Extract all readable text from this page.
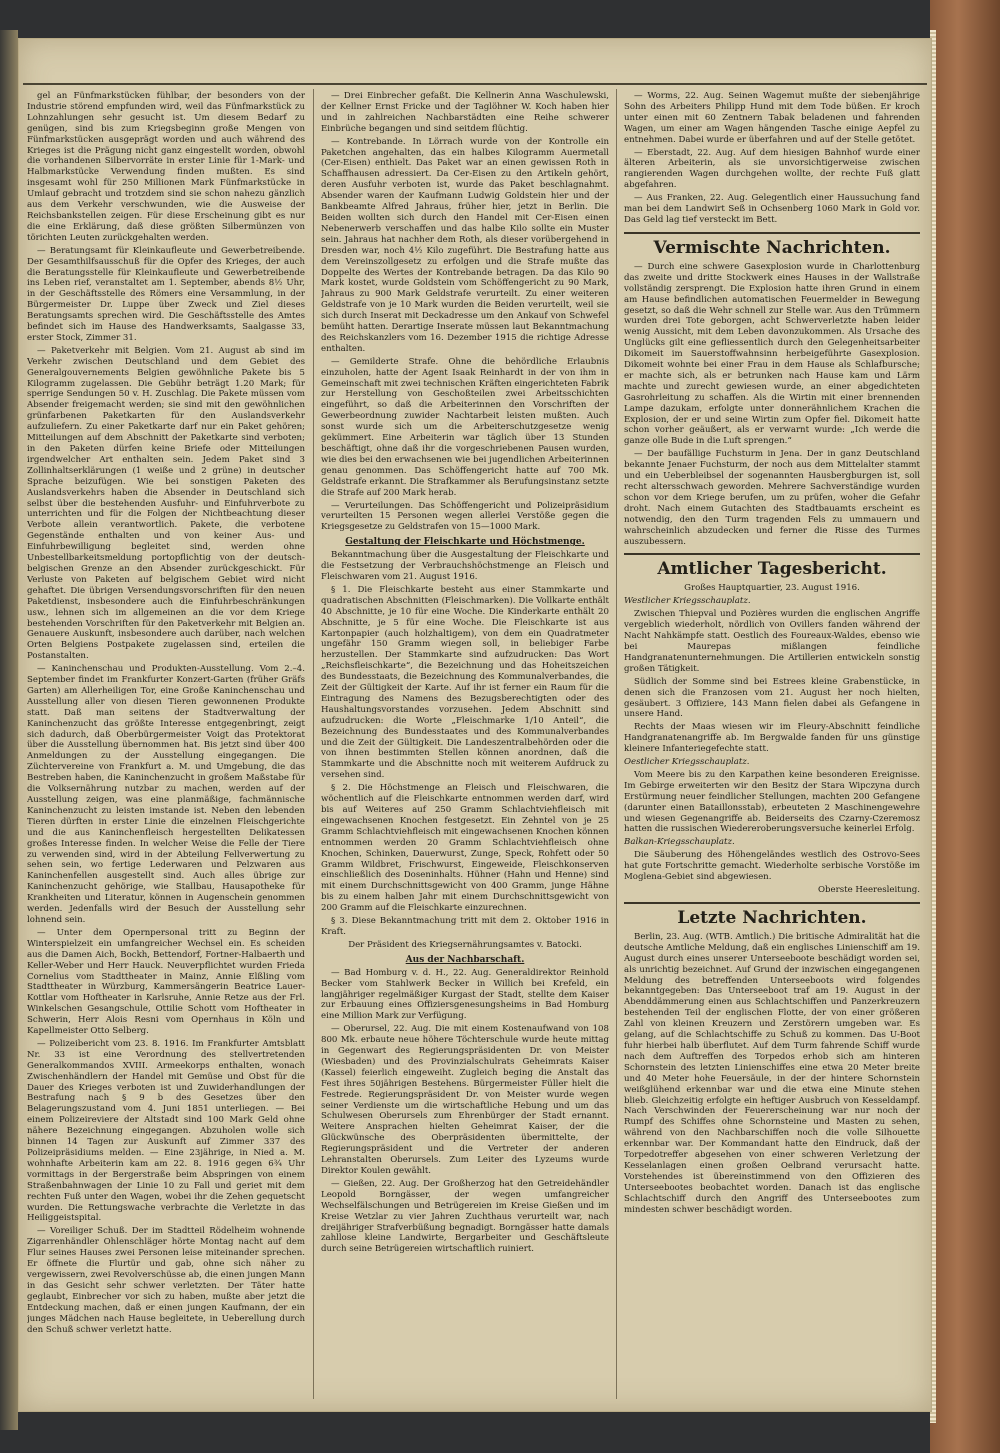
gel an Fünfmarkstücken fühlbar, der besonders von der Industrie störend empfunden wird, weil das Fünfmarkstück zu Lohnzahlungen sehr gesucht ist. Um diesem Bedarf zu genügen, sind bis zum Kriegsbeginn große Mengen von Fünfmarkstücken ausgeprägt worden und auch während des Krieges ist die Prägung nicht ganz eingestellt worden, obwohl die vorhandenen Silbervorräte in erster Linie für 1-Mark- und Halbmarkstücke Verwendung finden mußten. Es sind insgesamt wohl für 250 Millionen Mark Fünfmarkstücke in Umlauf gebracht und trotzdem sind sie schon nahezu gänzlich aus dem Verkehr verschwunden, wie die Ausweise der Reichsbankstellen zeigen. Für diese Erscheinung gibt es nur die eine Erklärung, daß diese größten Silbermünzen von törichten Leuten zurückgehalten werden.

— Beratungsamt für Kleinkaufleute und Gewerbetreibende. Der Gesamthilfsausschuß für die Opfer des Krieges, der auch die Beratungsstelle für Kleinkaufleute und Gewerbetreibende ins Leben rief, veranstaltet am 1. September, abends 8½ Uhr, in der Geschäftsstelle des Römers eine Versammlung, in der Bürgermeister Dr. Luppe über Zweck und Ziel dieses Beratungsamts sprechen wird. Die Geschäftsstelle des Amtes befindet sich im Hause des Handwerksamts, Saalgasse 33, erster Stock, Zimmer 31.

— Paketverkehr mit Belgien. Vom 21. August ab sind im Verkehr zwischen Deutschland und dem Gebiet des Generalgouvernements Belgien gewöhnliche Pakete bis 5 Kilogramm zugelassen. Die Gebühr beträgt 1.20 Mark; für sperrige Sendungen 50 v. H. Zuschlag. Die Pakete müssen vom Absender freigemacht werden; sie sind mit den gewöhnlichen grünfarbenen Paketkarten für den Auslandsverkehr aufzuliefern. Zu einer Paketkarte darf nur ein Paket gehören; Mitteilungen auf dem Abschnitt der Paketkarte sind verboten; in den Paketen dürfen keine Briefe oder Mitteilungen irgendwelcher Art enthalten sein. Jedem Paket sind 3 Zollinhaltserklärungen (1 weiße und 2 grüne) in deutscher Sprache beizufügen. Wie bei sonstigen Paketen des Auslandsverkehrs haben die Absender in Deutschland sich selbst über die bestehenden Ausfuhr- und Einfuhrverbote zu unterrichten und für die Folgen der Nichtbeachtung dieser Verbote allein verantwortlich. Pakete, die verbotene Gegenstände enthalten und von keiner Aus- und Einfuhrbewilligung begleitet sind, werden ohne Unbestellbarkeitsmeldung portopflichtig von der deutsch-belgischen Grenze an den Absender zurückgeschickt. Für Verluste von Paketen auf belgischem Gebiet wird nicht gehaftet. Die übrigen Versendungsvorschriften für den neuen Paketdienst, insbesondere auch die Einfuhrbeschränkungen usw., lehnen sich im allgemeinen an die vor dem Kriege bestehenden Vorschriften für den Paketverkehr mit Belgien an. Genauere Auskunft, insbesondere auch darüber, nach welchen Orten Belgiens Postpakete zugelassen sind, erteilen die Postanstalten.

— Kaninchenschau und Produkten-Ausstellung. Vom 2.–4. September findet im Frankfurter Konzert-Garten (früher Gräfs Garten) am Allerheiligen Tor, eine Große Kaninchenschau und Ausstellung aller von diesen Tieren gewonnenen Produkte statt. Daß man seitens der Stadtverwaltung der Kaninchenzucht das größte Interesse entgegenbringt, zeigt sich dadurch, daß Oberbürgermeister Voigt das Protektorat über die Ausstellung übernommen hat. Bis jetzt sind über 400 Anmeldungen zu der Ausstellung eingegangen. Die Züchtervereine von Frankfurt a. M. und Umgebung, die das Bestreben haben, die Kaninchenzucht in großem Maßstabe für die Volksernährung nutzbar zu machen, werden auf der Ausstellung zeigen, was eine planmäßige, fachmännische Kaninchenzucht zu leisten imstande ist. Neben den lebenden Tieren dürften in erster Linie die einzelnen Fleischgerichte und die aus Kaninchenfleisch hergestellten Delikatessen großes Interesse finden. In welcher Weise die Felle der Tiere zu verwenden sind, wird in der Abteilung Fellverwertung zu sehen sein, wo fertige Lederwaren und Pelzwaren aus Kaninchenfellen ausgestellt sind. Auch alles übrige zur Kaninchenzucht gehörige, wie Stallbau, Hausapotheke für Krankheiten und Literatur, können in Augenschein genommen werden. Jedenfalls wird der Besuch der Ausstellung sehr lohnend sein.

— Unter dem Opernpersonal tritt zu Beginn der Winterspielzeit ein umfangreicher Wechsel ein. Es scheiden aus die Damen Aich, Bockh, Bettendorf, Fortner-Halbaerth und Keller-Weber und Herr Hauck. Neuverpflichtet wurden Frieda Cornelius vom Stadttheater in Mainz, Annie Elßling vom Stadttheater in Würzburg, Kammersängerin Beatrice Lauer-Kottlar vom Hoftheater in Karlsruhe, Annie Retze aus der Frl. Winkelschen Gesangschule, Ottilie Schott vom Hoftheater in Schwerin, Herr Alois Resni vom Opernhaus in Köln und Kapellmeister Otto Selberg.

— Polizeibericht vom 23. 8. 1916. Im Frankfurter Amtsblatt Nr. 33 ist eine Verordnung des stellvertretenden Generalkommandos XVIII. Armeekorps enthalten, wonach Zwischenhändlern der Handel mit Gemüse und Obst für die Dauer des Krieges verboten ist und Zuwiderhandlungen der Bestrafung nach § 9 b des Gesetzes über den Belagerungszustand vom 4. Juni 1851 unterliegen. — Bei einem Polizeireviere der Altstadt sind 100 Mark Geld ohne nähere Bezeichnung eingegangen. Abzuholen wolle sich binnen 14 Tagen zur Auskunft auf Zimmer 337 des Polizeipräsidiums melden. — Eine 23jährige, in Nied a. M. wohnhafte Arbeiterin kam am 22. 8. 1916 gegen 6¾ Uhr vormittags in der Bergerstraße beim Abspringen von einem Straßenbahnwagen der Linie 10 zu Fall und geriet mit dem rechten Fuß unter den Wagen, wobei ihr die Zehen gequetscht wurden. Die Rettungswache verbrachte die Verletzte in das Heiliggeistspital.

— Voreiliger Schuß. Der im Stadtteil Rödelheim wohnende Zigarrenhändler Ohlenschläger hörte Montag nacht auf dem Flur seines Hauses zwei Personen leise miteinander sprechen. Er öffnete die Flurtür und gab, ohne sich näher zu vergewissern, zwei Revolverschüsse ab, die einen jungen Mann in das Gesicht sehr schwer verletzten. Der Täter hatte geglaubt, Einbrecher vor sich zu haben, mußte aber jetzt die Entdeckung machen, daß er einen jungen Kaufmann, der ein junges Mädchen nach Hause begleitete, in Ueberellung durch den Schuß schwer verletzt hatte.

— Drei Einbrecher gefaßt. Die Kellnerin Anna Waschulewski, der Kellner Ernst Fricke und der Taglöhner W. Koch haben hier und in zahlreichen Nachbarstädten eine Reihe schwerer Einbrüche begangen und sind seitdem flüchtig.

— Kontrebande. In Lörrach wurde von der Kontrolle ein Paketchen angehalten, das ein halbes Kilogramm Auermetall (Cer-Eisen) enthielt. Das Paket war an einen gewissen Roth in Schaffhausen adressiert. Da Cer-Eisen zu den Artikeln gehört, deren Ausfuhr verboten ist, wurde das Paket beschlagnahmt. Absender waren der Kaufmann Ludwig Goldstein hier und der Bankbeamte Alfred Jahraus, früher hier, jetzt in Berlin. Die Beiden wollten sich durch den Handel mit Cer-Eisen einen Nebenerwerb verschaffen und das halbe Kilo sollte ein Muster sein. Jahraus hat nachher dem Roth, als dieser vorübergehend in Dresden war, noch 4½ Kilo zugeführt. Die Bestrafung hatte aus dem Vereinszollgesetz zu erfolgen und die Strafe mußte das Doppelte des Wertes der Kontrebande betragen. Da das Kilo 90 Mark kostet, wurde Goldstein vom Schöffengericht zu 90 Mark, Jahraus zu 900 Mark Geldstrafe verurteilt. Zu einer weiteren Geldstrafe von je 10 Mark wurden die Beiden verurteilt, weil sie sich durch Inserat mit Deckadresse um den Ankauf von Schwefel bemüht hatten. Derartige Inserate müssen laut Bekanntmachung des Reichskanzlers vom 16. Dezember 1915 die richtige Adresse enthalten.

— Gemilderte Strafe. Ohne die behördliche Erlaubnis einzuholen, hatte der Agent Isaak Reinhardt in der von ihm in Gemeinschaft mit zwei technischen Kräften eingerichteten Fabrik zur Herstellung von Geschoßteilen zwei Arbeitsschichten eingeführt, so daß die Arbeiterinnen den Vorschriften der Gewerbeordnung zuwider Nachtarbeit leisten mußten. Auch sonst wurde sich um die Arbeiterschutzgesetze wenig gekümmert. Eine Arbeiterin war täglich über 13 Stunden beschäftigt, ohne daß ihr die vorgeschriebenen Pausen wurden, wie dies bei den erwachsenen wie bei jugendlichen Arbeiterinnen genau genommen. Das Schöffengericht hatte auf 700 Mk. Geldstrafe erkannt. Die Strafkammer als Berufungsinstanz setzte die Strafe auf 200 Mark herab.

— Verurteilungen. Das Schöffengericht und Polizeipräsidium verurteilten 15 Personen wegen allerlei Verstöße gegen die Kriegsgesetze zu Geldstrafen von 15—1000 Mark.

Gestaltung der Fleischkarte und Höchstmenge.

Bekanntmachung über die Ausgestaltung der Fleischkarte und die Festsetzung der Verbrauchshöchstmenge an Fleisch und Fleischwaren vom 21. August 1916.

§ 1. Die Fleischkarte besteht aus einer Stammkarte und quadratischen Abschnitten (Fleischmarken). Die Vollkarte enthält 40 Abschnitte, je 10 für eine Woche. Die Kinderkarte enthält 20 Abschnitte, je 5 für eine Woche. Die Fleischkarte ist aus Kartonpapier (auch holzhaltigem), von dem ein Quadratmeter ungefähr 150 Gramm wiegen soll, in beliebiger Farbe herzustellen. Der Stammkarte sind aufzudrucken: Das Wort „Reichsfleischkarte“, die Bezeichnung und das Hoheitszeichen des Bundesstaats, die Bezeichnung des Kommunalverbandes, die Zeit der Gültigkeit der Karte. Auf ihr ist ferner ein Raum für die Eintragung des Namens des Bezugsberechtigten oder des Haushaltungsvorstandes vorzusehen. Jedem Abschnitt sind aufzudrucken: die Worte „Fleischmarke 1/10 Anteil“, die Bezeichnung des Bundesstaates und des Kommunalverbandes und die Zeit der Gültigkeit. Die Landeszentralbehörden oder die von ihnen bestimmten Stellen können anordnen, daß die Stammkarte und die Abschnitte noch mit weiterem Aufdruck zu versehen sind.

§ 2. Die Höchstmenge an Fleisch und Fleischwaren, die wöchentlich auf die Fleischkarte entnommen werden darf, wird bis auf Weiteres auf 250 Gramm Schlachtviehfleisch mit eingewachsenen Knochen festgesetzt. Ein Zehntel von je 25 Gramm Schlachtviehfleisch mit eingewachsenen Knochen können entnommen werden 20 Gramm Schlachtviehfleisch ohne Knochen, Schinken, Dauerwurst, Zunge, Speck, Rohfett oder 50 Gramm Wildbret, Frischwurst, Eingeweide, Fleischkonserven einschließlich des Doseninhalts. Hühner (Hahn und Henne) sind mit einem Durchschnittsgewicht von 400 Gramm, junge Hähne bis zu einem halben Jahr mit einem Durchschnittsgewicht von 200 Gramm auf die Fleischkarte einzurechnen.

§ 3. Diese Bekanntmachung tritt mit dem 2. Oktober 1916 in Kraft.

Der Präsident des Kriegsernährungsamtes v. Batocki.

Aus der Nachbarschaft.

— Bad Homburg v. d. H., 22. Aug. Generaldirektor Reinhold Becker vom Stahlwerk Becker in Willich bei Krefeld, ein langjähriger regelmäßiger Kurgast der Stadt, stellte dem Kaiser zur Erbauung eines Offiziersgenesungsheims in Bad Homburg eine Million Mark zur Verfügung.

— Oberursel, 22. Aug. Die mit einem Kostenaufwand von 108 800 Mk. erbaute neue höhere Töchterschule wurde heute mittag in Gegenwart des Regierungspräsidenten Dr. von Meister (Wiesbaden) und des Provinzialschulrats Geheimrats Kaiser (Kassel) feierlich eingeweiht. Zugleich beging die Anstalt das Fest ihres 50jährigen Bestehens. Bürgermeister Füller hielt die Festrede. Regierungspräsident Dr. von Meister wurde wegen seiner Verdienste um die wirtschaftliche Hebung und um das Schulwesen Oberursels zum Ehrenbürger der Stadt ernannt. Weitere Ansprachen hielten Geheimrat Kaiser, der die Glückwünsche des Oberpräsidenten übermittelte, der Regierungspräsident und die Vertreter der anderen Lehranstalten Oberursels. Zum Leiter des Lyzeums wurde Direktor Koulen gewählt.

— Gießen, 22. Aug. Der Großherzog hat den Getreidehändler Leopold Borngässer, der wegen umfangreicher Wechselfälschungen und Betrügereien im Kreise Gießen und im Kreise Wetzlar zu vier Jahren Zuchthaus verurteilt war, nach dreijähriger Strafverbüßung begnadigt. Borngässer hatte damals zahllose kleine Landwirte, Bergarbeiter und Geschäftsleute durch seine Betrügereien wirtschaftlich ruiniert.

— Worms, 22. Aug. Seinen Wagemut mußte der siebenjährige Sohn des Arbeiters Philipp Hund mit dem Tode büßen. Er kroch unter einen mit 60 Zentnern Tabak beladenen und fahrenden Wagen, um einer am Wagen hängenden Tasche einige Aepfel zu entnehmen. Dabei wurde er überfahren und auf der Stelle getötet.

— Eberstadt, 22. Aug. Auf dem hiesigen Bahnhof wurde einer älteren Arbeiterin, als sie unvorsichtigerweise zwischen rangierenden Wagen durchgehen wollte, der rechte Fuß glatt abgefahren.

— Aus Franken, 22. Aug. Gelegentlich einer Haussuchung fand man bei dem Landwirt Seß in Ochsenberg 1060 Mark in Gold vor. Das Geld lag tief versteckt im Bett.

Vermischte Nachrichten.

— Durch eine schwere Gasexplosion wurde in Charlottenburg das zweite und dritte Stockwerk eines Hauses in der Wallstraße vollständig zersprengt. Die Explosion hatte ihren Grund in einem am Hause befindlichen automatischen Feuermelder in Bewegung gesetzt, so daß die Wehr schnell zur Stelle war. Aus den Trümmern wurden drei Tote geborgen, acht Schwerverletzte haben leider wenig Aussicht, mit dem Leben davonzukommen. Als Ursache des Unglücks gilt eine gefliessentlich durch den Gelegenheitsarbeiter Dikomeit im Sauerstoffwahnsinn herbeigeführte Gasexplosion. Dikomeit wohnte bei einer Frau in dem Hause als Schlafbursche; er machte sich, als er betrunken nach Hause kam und Lärm machte und zurecht gewiesen wurde, an einer abgedichteten Gasrohrleitung zu schaffen. Als die Wirtin mit einer brennenden Lampe dazukam, erfolgte unter donnerähnlichem Krachen die Explosion, der er und seine Wirtin zum Opfer fiel. Dikomeit hatte schon vorher geäußert, als er verwarnt wurde: „Ich werde die ganze olle Bude in die Luft sprengen.“

— Der baufällige Fuchsturm in Jena. Der in ganz Deutschland bekannte Jenaer Fuchsturm, der noch aus dem Mittelalter stammt und ein Ueberbleibsel der sogenannten Hausbergburgen ist, soll recht altersschwach geworden. Mehrere Sachverständige wurden schon vor dem Kriege berufen, um zu prüfen, woher die Gefahr droht. Nach einem Gutachten des Stadtbauamts erscheint es notwendig, den den Turm tragenden Fels zu ummauern und wahrscheinlich abzudecken und ferner die Risse des Turmes auszubessern.

Amtlicher Tagesbericht.

Großes Hauptquartier, 23. August 1916.

Westlicher Kriegsschauplatz.

Zwischen Thiepval und Pozières wurden die englischen Angriffe vergeblich wiederholt, nördlich von Ovillers fanden während der Nacht Nahkämpfe statt. Oestlich des Foureaux-Waldes, ebenso wie bei Maurepas mißlangen feindliche Handgranatenunternehmungen. Die Artillerien entwickeln sonstig großen Tätigkeit.

Südlich der Somme sind bei Estrees kleine Grabenstücke, in denen sich die Franzosen vom 21. August her noch hielten, gesäubert. 3 Offiziere, 143 Mann fielen dabei als Gefangene in unsere Hand.

Rechts der Maas wiesen wir im Fleury-Abschnitt feindliche Handgranatenangriffe ab. Im Bergwalde fanden für uns günstige kleinere Infanteriegefechte statt.

Oestlicher Kriegsschauplatz.

Vom Meere bis zu den Karpathen keine besonderen Ereignisse. Im Gebirge erweiterten wir den Besitz der Stara Wipczyna durch Erstürmung neuer feindlicher Stellungen, machten 200 Gefangene (darunter einen Bataillonsstab), erbeuteten 2 Maschinengewehre und wiesen Gegenangriffe ab. Beiderseits des Czarny-Czeremosz hatten die russischen Wiedereroberungsversuche keinerlei Erfolg.

Balkan-Kriegsschauplatz.

Die Säuberung des Höhengeländes westlich des Ostrovo-Sees hat gute Fortschritte gemacht. Wiederholte serbische Vorstöße im Moglena-Gebiet sind abgewiesen.

Oberste Heeresleitung.

Letzte Nachrichten.

Berlin, 23. Aug. (WTB. Amtlich.) Die britische Admiralität hat die deutsche Amtliche Meldung, daß ein englisches Linienschiff am 19. August durch eines unserer Unterseeboote beschädigt worden sei, als unrichtig bezeichnet. Auf Grund der inzwischen eingegangenen Meldung des betreffenden Unterseeboots wird folgendes bekanntgegeben: Das Unterseeboot traf am 19. August in der Abenddämmerung einen aus Schlachtschiffen und Panzerkreuzern bestehenden Teil der englischen Flotte, der von einer größeren Zahl von kleinen Kreuzern und Zerstörern umgeben war. Es gelang, auf die Schlachtschiffe zu Schuß zu kommen. Das U-Boot fuhr hierbei halb überflutet. Auf dem Turm fahrende Schiff wurde nach dem Auftreffen des Torpedos erhob sich am hinteren Schornstein des letzten Linienschiffes eine etwa 20 Meter breite und 40 Meter hohe Feuersäule, in der der hintere Schornstein weißglühend erkennbar war und die etwa eine Minute stehen blieb. Gleichzeitig erfolgte ein heftiger Ausbruch von Kesseldampf. Nach Verschwinden der Feuererscheinung war nur noch der Rumpf des Schiffes ohne Schornsteine und Masten zu sehen, während von den Nachbarschiffen noch die volle Silhouette erkennbar war. Der Kommandant hatte den Eindruck, daß der Torpedotreffer abgesehen von einer schweren Verletzung der Kesselanlagen einen großen Oelbrand verursacht hatte. Vorstehendes ist übereinstimmend von den Offizieren des Unterseebootes beobachtet worden. Danach ist das englische Schlachtschiff durch den Angriff des Unterseebootes zum mindesten schwer beschädigt worden.
